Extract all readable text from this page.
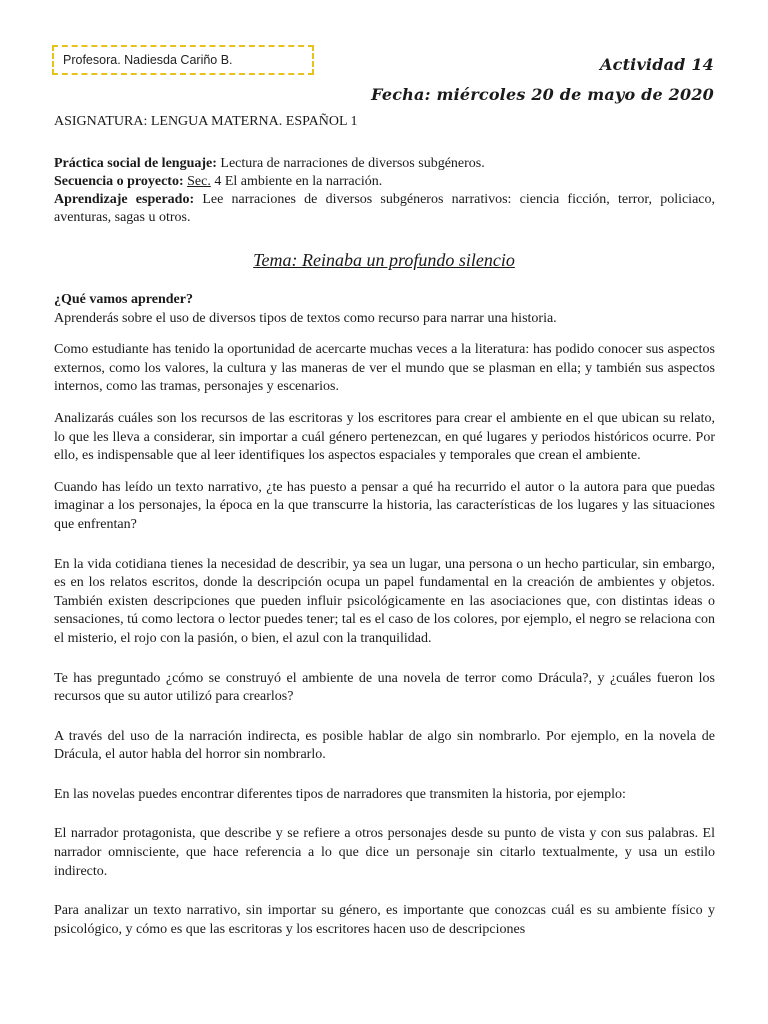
Profesora. Nadiesda Cariño B.	Actividad 14
Fecha: miércoles 20 de mayo de 2020
ASIGNATURA: LENGUA MATERNA. ESPAÑOL 1

Práctica social de lenguaje: Lectura de narraciones de diversos subgéneros.

Secuencia o proyecto: Sec. 4 El ambiente en la narración.

Aprendizaje esperado: Lee narraciones de diversos subgéneros narrativos: ciencia ficción, terror, policiaco, aventuras, sagas u otros.

Tema: Reinaba un profundo silencio

¿Qué vamos aprender?

Aprenderás sobre el uso de diversos tipos de textos como recurso para narrar una historia.

Como estudiante has tenido la oportunidad de acercarte muchas veces a la literatura: has podido conocer sus aspectos externos, como los valores, la cultura y las maneras de ver el mundo que se plasman en ella; y también sus aspectos internos, como las tramas, personajes y escenarios.

Analizarás cuáles son los recursos de las escritoras y los escritores para crear el ambiente en el que ubican su relato, lo que les lleva a considerar, sin importar a cuál género pertenezcan, en qué lugares y periodos históricos ocurre. Por ello, es indispensable que al leer identifiques los aspectos espaciales y temporales que crean el ambiente.

Cuando has leído un texto narrativo, ¿te has puesto a pensar a qué ha recurrido el autor o la autora para que puedas imaginar a los personajes, la época en la que transcurre la historia, las características de los lugares y las situaciones que enfrentan?

En la vida cotidiana tienes la necesidad de describir, ya sea un lugar, una persona o un hecho particular, sin embargo, es en los relatos escritos, donde la descripción ocupa un papel fundamental en la creación de ambientes y objetos. También existen descripciones que pueden influir psicológicamente en las asociaciones que, con distintas ideas o sensaciones, tú como lectora o lector puedes tener; tal es el caso de los colores, por ejemplo, el negro se relaciona con el misterio, el rojo con la pasión, o bien, el azul con la tranquilidad.

Te has preguntado ¿cómo se construyó el ambiente de una novela de terror como Drácula?, y ¿cuáles fueron los recursos que su autor utilizó para crearlos?

A través del uso de la narración indirecta, es posible hablar de algo sin nombrarlo. Por ejemplo, en la novela de Drácula, el autor habla del horror sin nombrarlo.

En las novelas puedes encontrar diferentes tipos de narradores que transmiten la historia, por ejemplo:

El narrador protagonista, que describe y se refiere a otros personajes desde su punto de vista y con sus palabras. El narrador omnisciente, que hace referencia a lo que dice un personaje sin citarlo textualmente, y usa un estilo indirecto.

Para analizar un texto narrativo, sin importar su género, es importante que conozcas cuál es su ambiente físico y psicológico, y cómo es que las escritoras y los escritores hacen uso de descripciones
